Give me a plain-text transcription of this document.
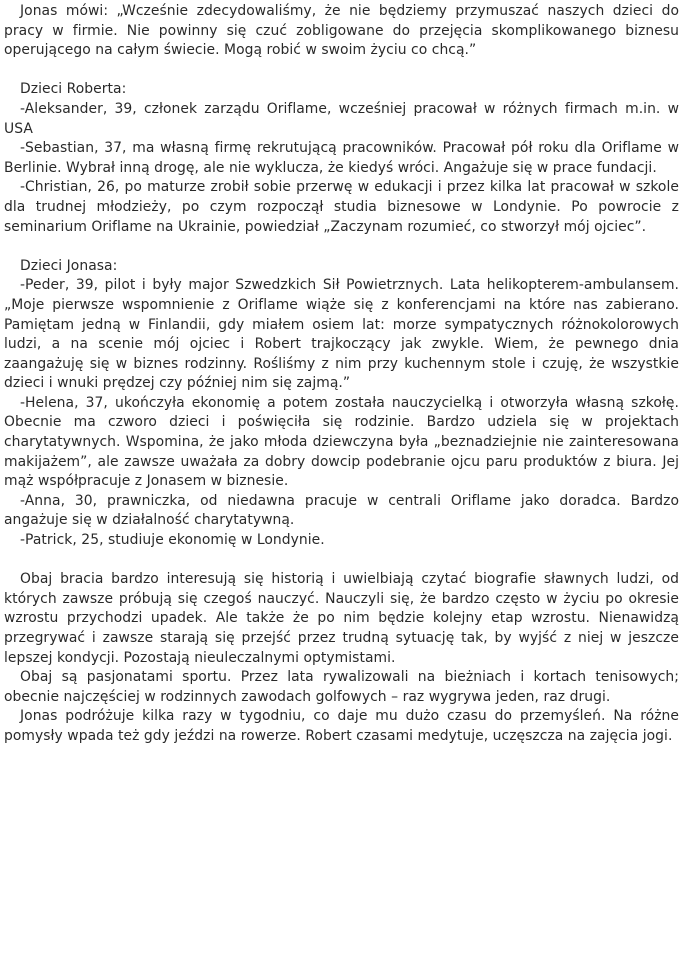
Jonas mówi: „Wcześnie zdecydowaliśmy, że nie będziemy przymuszać naszych dzieci do pracy w firmie. Nie powinny się czuć zobligowane do przejęcia skomplikowanego biznesu operującego na całym świecie. Mogą robić w swoim życiu co chcą.”

Dzieci Roberta:

-Aleksander, 39, członek zarządu Oriflame, wcześniej pracował w różnych firmach m.in. w USA

-Sebastian, 37, ma własną firmę rekrutującą pracowników. Pracował pół roku dla Oriflame w Berlinie. Wybrał inną drogę, ale nie wyklucza, że kiedyś wróci. Angażuje się w prace fundacji.

-Christian, 26, po maturze zrobił sobie przerwę w edukacji i przez kilka lat pracował w szkole dla trudnej młodzieży, po czym rozpoczął studia biznesowe w Londynie. Po powrocie z seminarium Oriflame na Ukrainie, powiedział „Zaczynam rozumieć, co stworzył mój ojciec”.

Dzieci Jonasa:

-Peder, 39, pilot i były major Szwedzkich Sił Powietrznych. Lata helikopterem-ambulansem. „Moje pierwsze wspomnienie z Oriflame wiąże się z konferencjami na które nas zabierano. Pamiętam jedną w Finlandii, gdy miałem osiem lat: morze sympatycznych różnokolorowych ludzi, a na scenie mój ojciec i Robert trajkoczący jak zwykle. Wiem, że pewnego dnia zaangażuję się w biznes rodzinny. Rośliśmy z nim przy kuchennym stole i czuję, że wszystkie dzieci i wnuki prędzej czy później nim się zajmą.”

-Helena, 37, ukończyła ekonomię a potem została nauczycielką i otworzyła własną szkołę. Obecnie ma czworo dzieci i poświęciła się rodzinie. Bardzo udziela się w projektach charytatywnych. Wspomina, że jako młoda dziewczyna była „beznadziejnie nie zainteresowana makijażem”, ale zawsze uważała za dobry dowcip podebranie ojcu paru produktów z biura. Jej mąż współpracuje z Jonasem w biznesie.

-Anna, 30, prawniczka, od niedawna pracuje w centrali Oriflame jako doradca. Bardzo angażuje się w działalność charytatywną.

-Patrick, 25, studiuje ekonomię w Londynie.

Obaj bracia bardzo interesują się historią i uwielbiają czytać biografie sławnych ludzi, od których zawsze próbują się czegoś nauczyć. Nauczyli się, że bardzo często w życiu po okresie wzrostu przychodzi upadek. Ale także że po nim będzie kolejny etap wzrostu. Nienawidzą przegrywać i zawsze starają się przejść przez trudną sytuację tak, by wyjść z niej w jeszcze lepszej kondycji. Pozostają nieuleczalnymi optymistami.

Obaj są pasjonatami sportu. Przez lata rywalizowali na bieżniach i kortach tenisowych; obecnie najczęściej w rodzinnych zawodach golfowych – raz wygrywa jeden, raz drugi.

Jonas podróżuje kilka razy w tygodniu, co daje mu dużo czasu do przemyśleń. Na różne pomysły wpada też gdy jeździ na rowerze. Robert czasami medytuje, uczęszcza na zajęcia jogi.
